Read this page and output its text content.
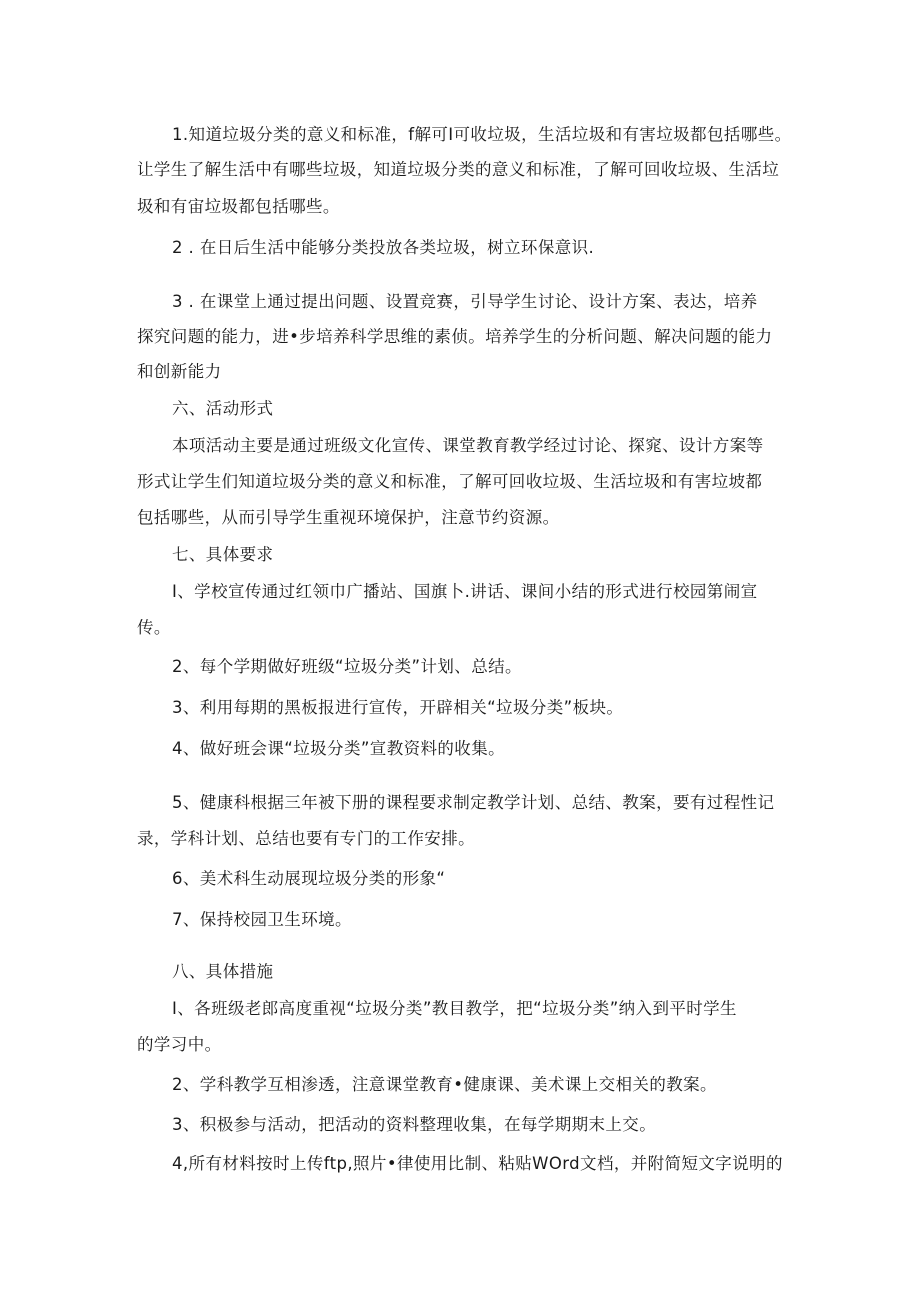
1.知道垃圾分类的意义和标准，f解可I可收垃圾，生活垃圾和有害垃圾都包括哪些。
让学生了解生活中有哪些垃圾，知道垃圾分类的意义和标准，了解可回收垃圾、生活垃
圾和有宙垃圾都包括哪些。
2 . 在日后生活中能够分类投放各类垃圾，树立环保意识.
3 . 在课堂上通过提出问题、设置竞赛，引导学生讨论、设计方案、表达，培养
探究问题的能力，进•步培养科学思维的素侦。培养学生的分析问题、解决问题的能力
和创新能力
六、活动形式
本项活动主要是通过班级文化宣传、课堂教育教学经过讨论、探窕、设计方案等
形式让学生们知道垃圾分类的意义和标准，了解可回收垃圾、生活垃圾和有害垃坡都
包括哪些，从而引导学生重视环境保护，注意节约资源。
七、具体要求
I、学校宣传通过红领巾广播站、国旗卜.讲话、课间小结的形式进行校园第闹宣
传。
2、每个学期做好班级“垃圾分类”计划、总结。
3、利用每期的黑板报进行宣传，开辟相关“垃圾分类”板块。
4、做好班会课“垃圾分类”宣教资料的收集。
5、健康科根据三年被下册的课程要求制定教学计划、总结、教案，要有过程性记
录，学科计划、总结也要有专门的工作安排。
6、美术科生动展现垃圾分类的形象“
7、保持校园卫生环境。
八、具体措施
I、各班级老郎高度重视“垃圾分类”教目教学，把“垃圾分类”纳入到平时学生
的学习中。
2、学科教学互相渗透，注意课堂教育•健康课、美术课上交相关的教案。
3、积极参与活动，把活动的资料整理收集，在每学期期末上交。
4,所有材料按时上传ftp,照片•律使用比制、粘贴WOrd文档，并附简短文字说明的
